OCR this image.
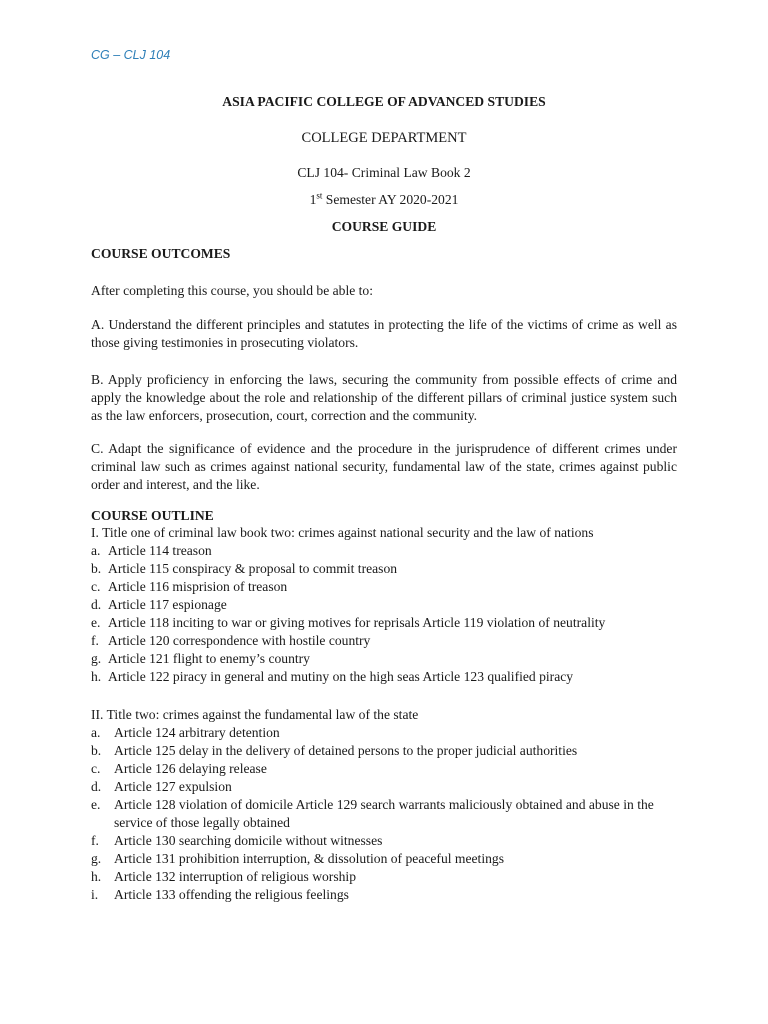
CG – CLJ 104
ASIA PACIFIC COLLEGE OF ADVANCED STUDIES
COLLEGE DEPARTMENT
CLJ 104- Criminal Law Book 2
1st Semester AY 2020-2021
COURSE GUIDE
COURSE OUTCOMES
After completing this course, you should be able to:
A. Understand the different principles and statutes in protecting the life of the victims of crime as well as those giving testimonies in prosecuting violators.
B. Apply proficiency in enforcing the laws, securing the community from possible effects of crime and apply the knowledge about the role and relationship of the different pillars of criminal justice system such as the law enforcers, prosecution, court, correction and the community.
C. Adapt the significance of evidence and the procedure in the jurisprudence of different crimes under criminal law such as crimes against national security, fundamental law of the state, crimes against public order and interest, and the like.
COURSE OUTLINE
I. Title one of criminal law book two: crimes against national security and the law of nations
a. Article 114 treason
b. Article 115 conspiracy & proposal to commit treason
c. Article 116 misprision of treason
d. Article 117 espionage
e. Article 118 inciting to war or giving motives for reprisals Article 119 violation of neutrality
f. Article 120 correspondence with hostile country
g. Article 121 flight to enemy’s country
h. Article 122 piracy in general and mutiny on the high seas Article 123 qualified piracy
II. Title two: crimes against the fundamental law of the state
a. Article 124 arbitrary detention
b. Article 125 delay in the delivery of detained persons to the proper judicial authorities
c. Article 126 delaying release
d. Article 127 expulsion
e. Article 128 violation of domicile Article 129 search warrants maliciously obtained and abuse in the service of those legally obtained
f. Article 130 searching domicile without witnesses
g. Article 131 prohibition interruption, & dissolution of peaceful meetings
h. Article 132 interruption of religious worship
i. Article 133 offending the religious feelings
